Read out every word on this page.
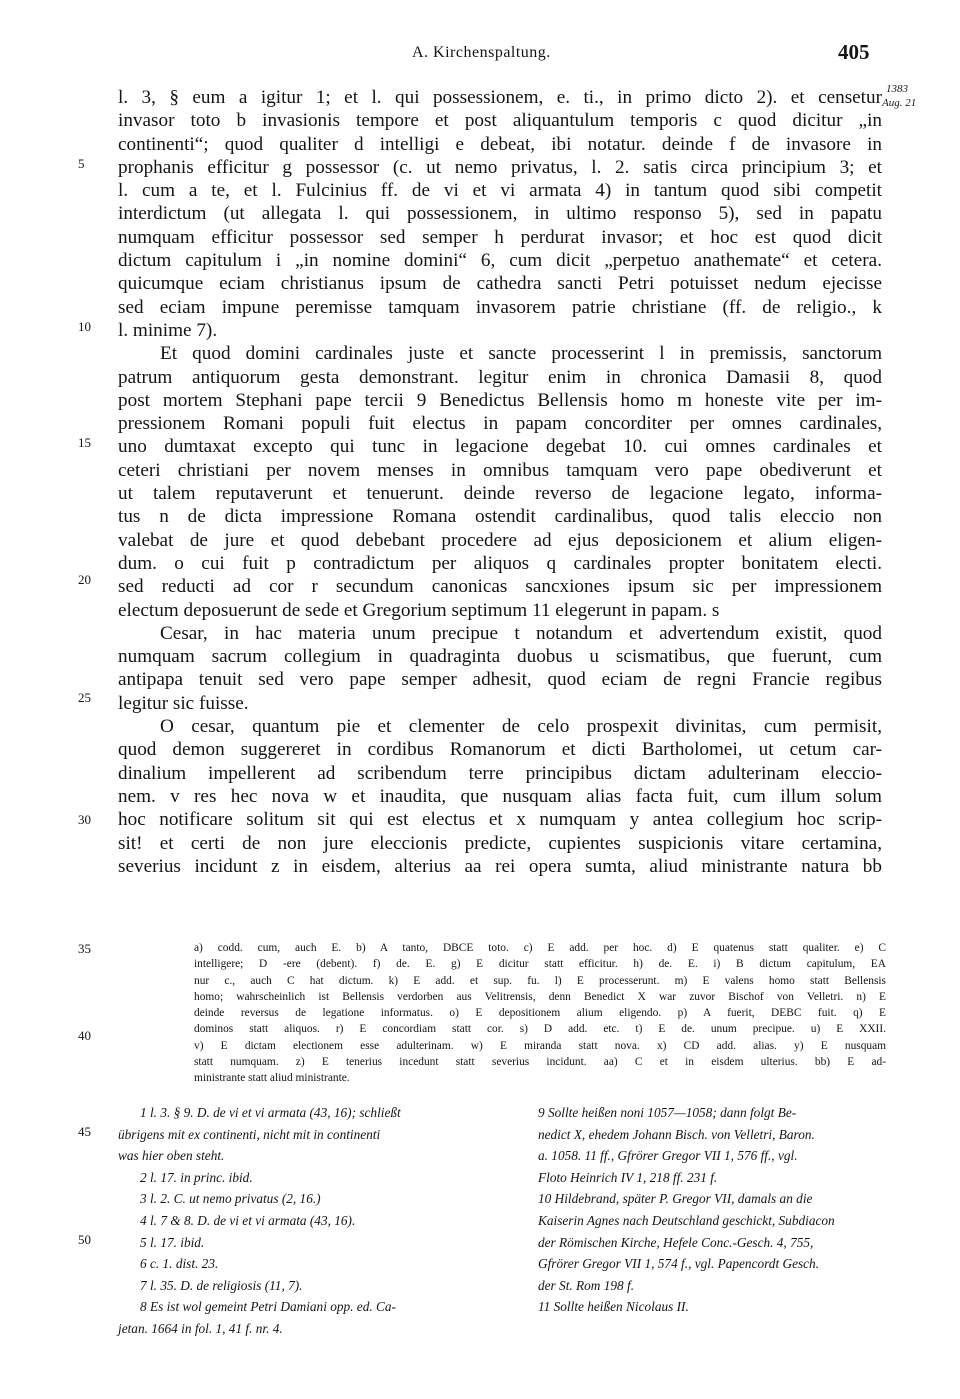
A. Kirchenspaltung.	405
1383
Aug. 21
5
10
15
20
25
30
35
40
45
50
l. 3, § eum a igitur 1; et l. qui possessionem, e. ti., in primo dicto 2). et censetur
invasor toto b invasionis tempore et post aliquantulum temporis c quod dicitur „in
continenti“; quod qualiter d intelligi e debeat, ibi notatur. deinde f de invasore in
prophanis efficitur g possessor (c. ut nemo privatus, l. 2. satis circa principium 3; et
l. cum a te, et l. Fulcinius ff. de vi et vi armata 4) in tantum quod sibi competit
interdictum (ut allegata l. qui possessionem, in ultimo responso 5), sed in papatu
numquam efficitur possessor sed semper h perdurat invasor; et hoc est quod dicit
dictum capitulum i „in nomine domini“ 6, cum dicit „perpetuo anathemate“ et cetera.
quicumque eciam christianus ipsum de cathedra sancti Petri potuisset nedum ejecisse
sed eciam impune peremisse tamquam invasorem patrie christiane (ff. de religio., k
l. minime 7).
Et quod domini cardinales juste et sancte processerint l in premissis, sanctorum
patrum antiquorum gesta demonstrant. legitur enim in chronica Damasii 8, quod
post mortem Stephani pape tercii 9 Benedictus Bellensis homo m honeste vite per im-
pressionem Romani populi fuit electus in papam concorditer per omnes cardinales,
uno dumtaxat excepto qui tunc in legacione degebat 10. cui omnes cardinales et
ceteri christiani per novem menses in omnibus tamquam vero pape obediverunt et
ut talem reputaverunt et tenuerunt. deinde reverso de legacione legato, informa-
tus n de dicta impressione Romana ostendit cardinalibus, quod talis eleccio non
valebat de jure et quod debebant procedere ad ejus deposicionem et alium eligen-
dum. o cui fuit p contradictum per aliquos q cardinales propter bonitatem electi.
sed reducti ad cor r secundum canonicas sancxiones ipsum sic per impressionem
electum deposuerunt de sede et Gregorium septimum 11 elegerunt in papam. s
Cesar, in hac materia unum precipue t notandum et advertendum existit, quod
numquam sacrum collegium in quadraginta duobus u scismatibus, que fuerunt, cum
antipapa tenuit sed vero pape semper adhesit, quod eciam de regni Francie regibus
legitur sic fuisse.
O cesar, quantum pie et clementer de celo prospexit divinitas, cum permisit,
quod demon suggereret in cordibus Romanorum et dicti Bartholomei, ut cetum car-
dinalium impellerent ad scribendum terre principibus dictam adulterinam eleccio-
nem. v res hec nova w et inaudita, que nusquam alias facta fuit, cum illum solum
hoc notificare solitum sit qui est electus et x numquam y antea collegium hoc scrip-
sit! et certi de non jure eleccionis predicte, cupientes suspicionis vitare certamina,
severius incidunt z in eisdem, alterius aa rei opera sumta, aliud ministrante natura bb
a) codd. cum, auch E. b) A tanto, DBCE toto. c) E add. per hoc. d) E quatenus statt qualiter. e) C
intelligere; D -ere (debent). f) de. E. g) E dicitur statt efficitur. h) de. E. i) B dictum capitulum, EA
nur c., auch C hat dictum. k) E add. et sup. fu. l) E processerunt. m) E valens homo statt Bellensis
homo; wahrscheinlich ist Bellensis verdorben aus Velitrensis, denn Benedict X war zuvor Bischof von Velletri. n) E
deinde reversus de legatione informatus. o) E depositionem alium eligendo. p) A fuerit, DEBC fuit. q) E
dominos statt aliquos. r) E concordiam statt cor. s) D add. etc. t) E de. unum precipue. u) E XXII.
v) E dictam electionem esse adulterinam. w) E miranda statt nova. x) CD add. alias. y) E nusquam
statt numquam. z) E tenerius incedunt statt severius incidunt. aa) C et in eisdem ulterius. bb) E ad-
ministrante statt aliud ministrante.
1 l. 3. § 9. D. de vi et vi armata (43, 16); schließt
übrigens mit ex continenti, nicht mit in continenti
was hier oben steht.
2 l. 17. in princ. ibid.
3 l. 2. C. ut nemo privatus (2, 16.)
4 l. 7 & 8. D. de vi et vi armata (43, 16).
5 l. 17. ibid.
6 c. 1. dist. 23.
7 l. 35. D. de religiosis (11, 7).
8 Es ist wol gemeint Petri Damiani opp. ed. Ca-
jetan. 1664 in fol. 1, 41 f. nr. 4.
9 Sollte heißen noni 1057—1058; dann folgt Be-
nedict X, ehedem Johann Bisch. von Velletri, Baron.
a. 1058. 11 ff., Gfrörer Gregor VII 1, 576 ff., vgl.
Floto Heinrich IV 1, 218 ff. 231 f.
10 Hildebrand, später P. Gregor VII, damals an die
Kaiserin Agnes nach Deutschland geschickt, Subdiacon
der Römischen Kirche, Hefele Conc.-Gesch. 4, 755,
Gfrörer Gregor VII 1, 574 f., vgl. Papencordt Gesch.
der St. Rom 198 f.
11 Sollte heißen Nicolaus II.
